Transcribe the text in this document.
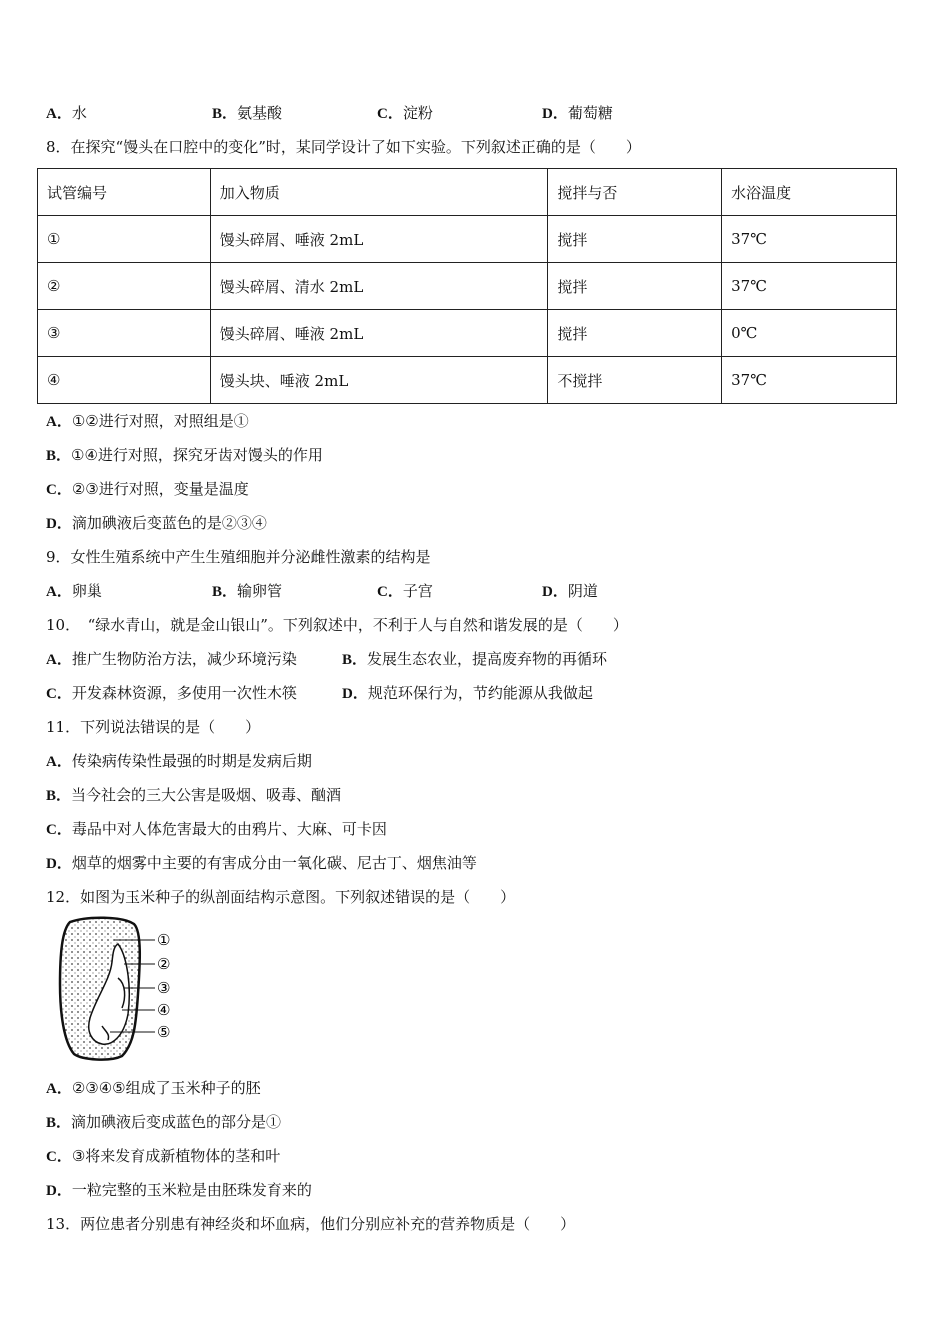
A．水	B．氨基酸	C．淀粉	D．葡萄糖
8．在探究“馒头在口腔中的变化”时，某同学设计了如下实验。下列叙述正确的是（　　）
试管编号	加入物质	搅拌与否	水浴温度
①	馒头碎屑、唾液 2mL	搅拌	37℃
②	馒头碎屑、清水 2mL	搅拌	37℃
③	馒头碎屑、唾液 2mL	搅拌	0℃
④	馒头块、唾液 2mL	不搅拌	37℃
A．①②进行对照，对照组是①
B．①④进行对照，探究牙齿对馒头的作用
C．②③进行对照，变量是温度
D．滴加碘液后变蓝色的是②③④
9．女性生殖系统中产生生殖细胞并分泌雌性激素的结构是
A．卵巢	B．输卵管	C．子宫	D．阴道
10．　“绿水青山，就是金山银山”。下列叙述中，不利于人与自然和谐发展的是（　　）
A．推广生物防治方法，减少环境污染	B．发展生态农业，提高废弃物的再循环
C．开发森林资源，多使用一次性木筷	D．规范环保行为，节约能源从我做起
11．下列说法错误的是（　　）
A．传染病传染性最强的时期是发病后期
B．当今社会的三大公害是吸烟、吸毒、酗酒
C．毒品中对人体危害最大的由鸦片、大麻、可卡因
D．烟草的烟雾中主要的有害成分由一氧化碳、尼古丁、烟焦油等
12．如图为玉米种子的纵剖面结构示意图。下列叙述错误的是（　　）
①
②
③
④
⑤
A．②③④⑤组成了玉米种子的胚
B．滴加碘液后变成蓝色的部分是①
C．③将来发育成新植物体的茎和叶
D．一粒完整的玉米粒是由胚珠发育来的
13．两位患者分别患有神经炎和坏血病，他们分别应补充的营养物质是（　　）
